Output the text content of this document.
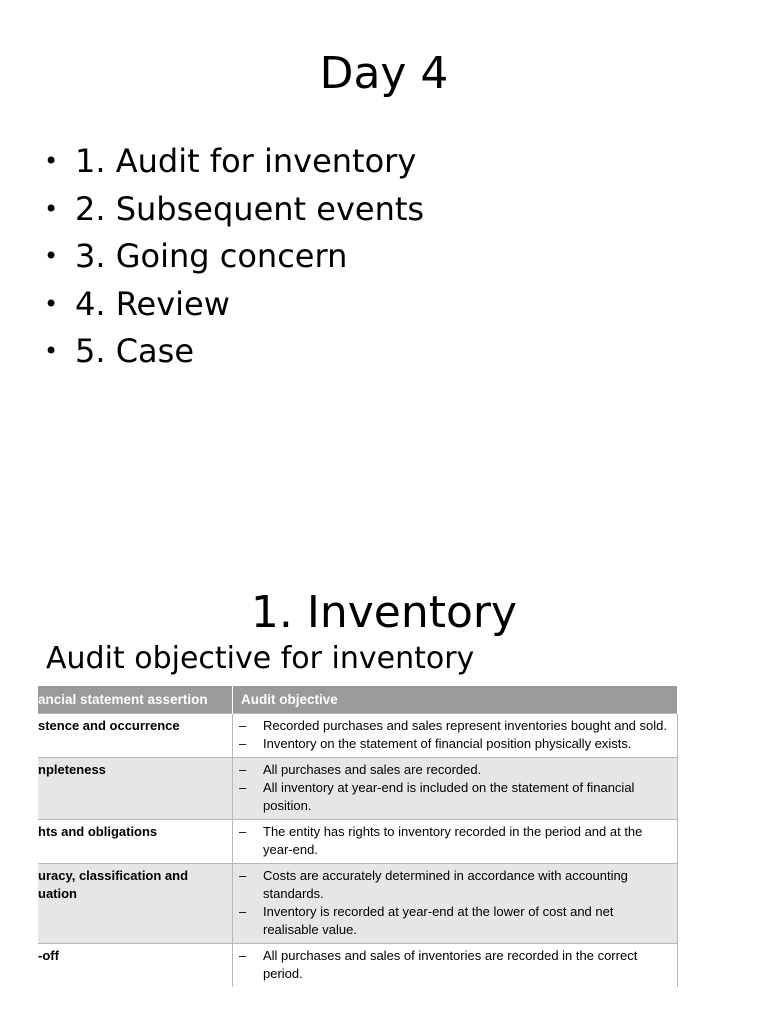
Day 4
• 1. Audit for inventory
• 2. Subsequent events
• 3. Going concern
• 4. Review
• 5. Case
1. Inventory
Audit objective for inventory
ancial statement assertion	Audit objective
stence and occurrence	– Recorded purchases and sales represent inventories bought and sold.
– Inventory on the statement of financial position physically exists.

npleteness	– All purchases and sales are recorded.
– All inventory at year-end is included on the statement of financial position.

hts and obligations	– The entity has rights to inventory recorded in the period and at the year-end.

uracy, classification and uation	– Costs are accurately determined in accordance with accounting standards.
– Inventory is recorded at year-end at the lower of cost and net realisable value.

-off	– All purchases and sales of inventories are recorded in the correct period.
